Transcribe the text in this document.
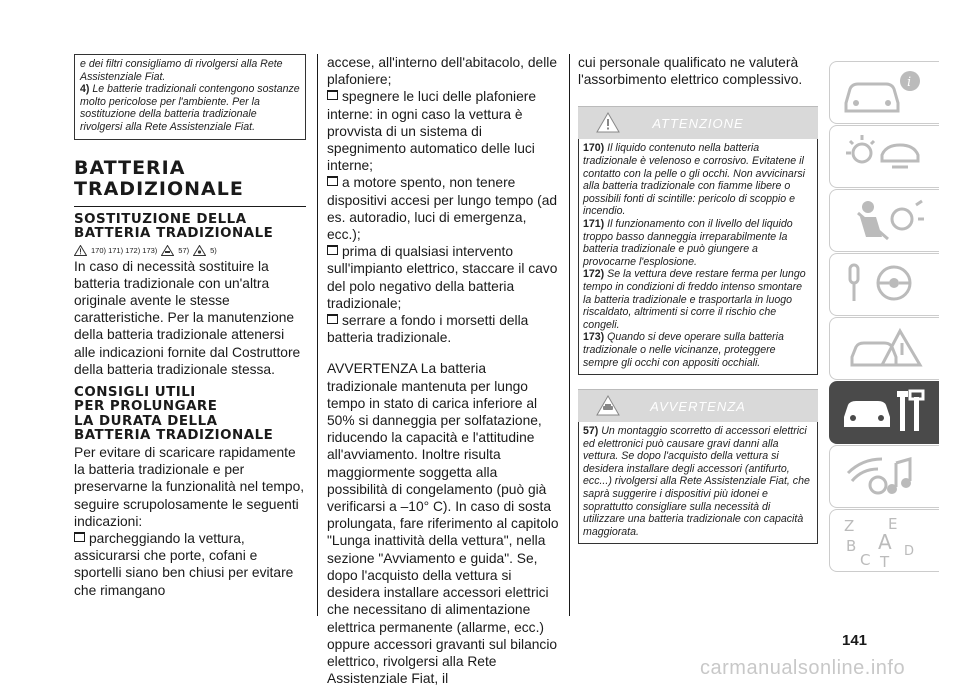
e dei filtri consigliamo di rivolgersi alla Rete
Assistenziale Fiat.
4) Le batterie tradizionali contengono sostanze molto pericolose per l'ambiente. Per la sostituzione della batteria tradizionale rivolgersi alla Rete Assistenziale Fiat.
BATTERIA
TRADIZIONALE
SOSTITUZIONE DELLA
BATTERIA TRADIZIONALE
170) 171) 172) 173)	57)	5)
In caso di necessità sostituire la batteria tradizionale con un'altra originale avente le stesse caratteristiche. Per la manutenzione della batteria tradizionale attenersi alle indicazioni fornite dal Costruttore della batteria tradizionale stessa.
CONSIGLI UTILI
PER PROLUNGARE
LA DURATA DELLA
BATTERIA TRADIZIONALE
Per evitare di scaricare rapidamente la batteria tradizionale e per preservarne la funzionalità nel tempo, seguire scrupolosamente le seguenti indicazioni:
parcheggiando la vettura, assicurarsi che porte, cofani e sportelli siano ben chiusi per evitare che rimangano
accese, all'interno dell'abitacolo, delle plafoniere;
spegnere le luci delle plafoniere interne: in ogni caso la vettura è provvista di un sistema di spegnimento automatico delle luci interne;
a motore spento, non tenere dispositivi accesi per lungo tempo (ad es. autoradio, luci di emergenza, ecc.);
prima di qualsiasi intervento sull'impianto elettrico, staccare il cavo del polo negativo della batteria tradizionale;
serrare a fondo i morsetti della batteria tradizionale.
AVVERTENZA La batteria tradizionale mantenuta per lungo tempo in stato di carica inferiore al 50% si danneggia per solfatazione, riducendo la capacità e l'attitudine all'avviamento. Inoltre risulta maggiormente soggetta alla possibilità di congelamento (può già verificarsi a –10° C). In caso di sosta prolungata, fare riferimento al capitolo "Lunga inattività della vettura", nella sezione "Avviamento e guida". Se, dopo l'acquisto della vettura si desidera installare accessori elettrici che necessitano di alimentazione elettrica permanente (allarme, ecc.) oppure accessori gravanti sul bilancio elettrico, rivolgersi alla Rete Assistenziale Fiat, il
cui personale qualificato ne valuterà l'assorbimento elettrico complessivo.
ATTENZIONE
170) Il liquido contenuto nella batteria tradizionale è velenoso e corrosivo. Evitatene il contatto con la pelle o gli occhi. Non avvicinarsi alla batteria tradizionale con fiamme libere o possibili fonti di scintille: pericolo di scoppio e incendio.
171) Il funzionamento con il livello del liquido troppo basso danneggia irreparabilmente la batteria tradizionale e può giungere a provocarne l'esplosione.
172) Se la vettura deve restare ferma per lungo tempo in condizioni di freddo intenso smontare la batteria tradizionale e trasportarla in luogo riscaldato, altrimenti si corre il rischio che congeli.
173) Quando si deve operare sulla batteria tradizionale o nelle vicinanze, proteggere sempre gli occhi con appositi occhiali.
AVVERTENZA
57) Un montaggio scorretto di accessori elettrici ed elettronici può causare gravi danni alla vettura. Se dopo l'acquisto della vettura si desidera installare degli accessori (antifurto, ecc...) rivolgersi alla Rete Assistenziale Fiat, che saprà suggerire i dispositivi più idonei e soprattutto consigliare sulla necessità di utilizzare una batteria tradizionale con capacità maggiorata.
i
Z E
B A
C T
D
141
carmanualsonline.info
